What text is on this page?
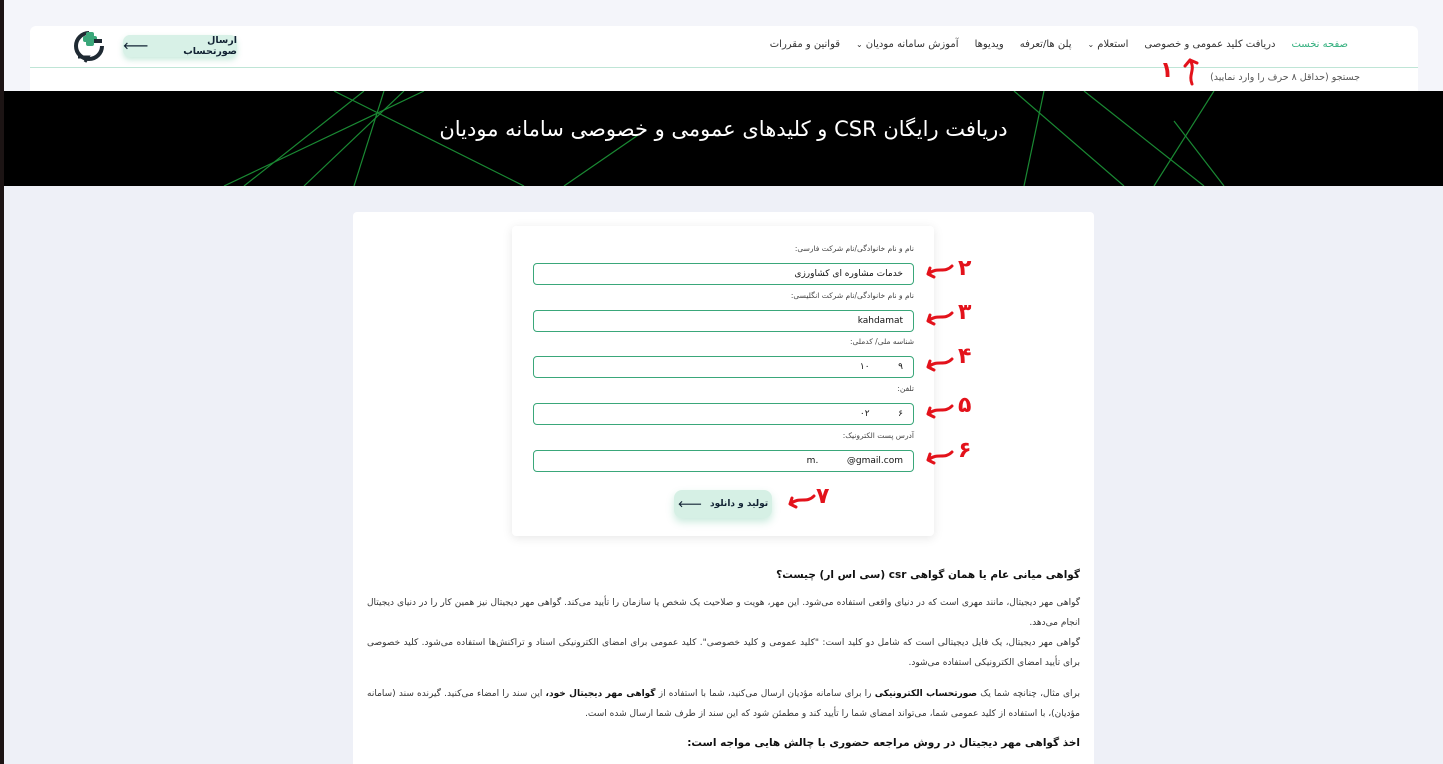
صفحه نخست
دریافت کلید عمومی و خصوصی
استعلام⌄
پلن ها/تعرفه
ویدیوها
آموزش سامانه مودیان⌄
قوانین و مقررات
جستجو (حداقل ۸ حرف را وارد نمایید)
ارسال صورتحساب
🡐
دریافت رایگان CSR و کلیدهای عمومی و خصوصی سامانه مودیان
نام و نام خانوادگی/نام شرکت فارسی:
خدمات مشاوره ای کشاورزی
نام و نام خانوادگی/نام شرکت انگلیسی:
kahdamat
شناسه ملی/ کدملی:
۹ ۱۰
تلفن:
۶ ۰۲
آدرس پست الکترونیک:
m. @gmail.com
تولید و دانلود
🡐
۱
۲
۳
۴
۵
۶
۷
گواهی میانی عام یا همان گواهی csr (سی اس ار) چیست؟

گواهی مهر دیجیتال، مانند مهری است که در دنیای واقعی استفاده می‌شود. این مهر، هویت و صلاحیت یک شخص یا سازمان را تأیید می‌کند. گواهی مهر دیجیتال نیز همین کار را در دنیای دیجیتال انجام می‌دهد.

گواهی مهر دیجیتال، یک فایل دیجیتالی است که شامل دو کلید است: "کلید عمومی و کلید خصوصی". کلید عمومی برای امضای الکترونیکی اسناد و تراکنش‌ها استفاده می‌شود. کلید خصوصی برای تأیید امضای الکترونیکی استفاده می‌شود.

برای مثال، چنانچه شما یک صورتحساب الکترونیکی را برای سامانه مؤدیان ارسال می‌کنید، شما با استفاده از گواهی مهر دیجیتال خود، این سند را امضاء می‌کنید. گیرنده سند (سامانه مؤدیان)، با استفاده از کلید عمومی شما، می‌تواند امضای شما را تأیید کند و مطمئن شود که این سند از طرف شما ارسال شده است.

اخذ گواهی مهر دیجیتال در روش مراجعه حضوری با چالش هایی مواجه است:
